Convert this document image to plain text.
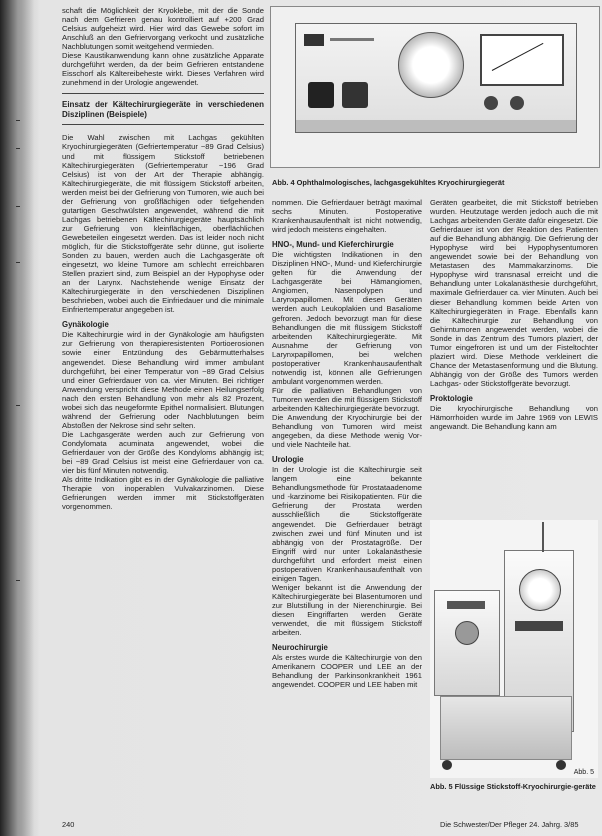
schaft die Möglichkeit der Kryoklebe, mit der die Sonde nach dem Gefrieren genau kontrolliert auf +200 Grad Celsius aufgeheizt wird. Hier wird das Gewebe sofort im Anschluß an den Gefriervorgang verkocht und zusätzliche Nachblutungen somit weitgehend vermieden.

Diese Kaustikanwendung kann ohne zusätzliche Apparate durchgeführt werden, da der beim Gefrieren entstandene Eisschorf als Kältereibeheste wirkt. Dieses Verfahren wird zunehmend in der Urologie angewendet.

Einsatz der Kältechirurgiegeräte in verschiedenen Disziplinen (Beispiele)

Die Wahl zwischen mit Lachgas gekühlten Kryochirurgiegeräten (Gefriertemperatur −89 Grad Celsius) und mit flüssigem Stickstoff betriebenen Kältechirurgiegeräten (Gefriertemperatur −196 Grad Celsius) ist von der Art der Therapie abhängig. Kältechirurgiegeräte, die mit flüssigem Stickstoff arbeiten, werden meist bei der Gefrierung von Tumoren, wie auch bei der Gefrierung von großflächigen oder tiefgehenden gutartigen Geschwülsten angewendet, während die mit Lachgas betriebenen Kältechirurgiegeräte hauptsächlich zur Gefrierung von kleinflächigen, oberflächlichen Gewebeteilen eingesetzt werden. Das ist leider noch nicht möglich, für die Stickstoffgeräte sehr dünne, gut isolierte Sonden zu bauen, werden auch die Lachgasgeräte oft eingesetzt, wo kleine Tumore am schlecht erreichbaren Stellen praziert sind, zum Beispiel an der Hypophyse oder an der Larynx. Nachstehende wenige Einsatz der Kältechirurgiegeräte in den verschiedenen Disziplinen beschrieben, wobei auch die Einfriedauer und die minimale Einfriertemperatur angegeben ist.

Gynäkologie

Die Kältechirurgie wird in der Gynäkologie am häufigsten zur Gefrierung von therapieresistenten Portioerosionen sowie einer Entzündung des Gebärmutterhalses angewendet. Diese Behandlung wird immer ambulant durchgeführt, bei einer Temperatur von −89 Grad Celsius und einer Gefrierdauer von ca. vier Minuten. Bei richtiger Anwendung verspricht diese Methode einen Heilungserfolg nach den ersten Behandlung von mehr als 82 Prozent, wobei sich das neugeformte Epithel normalisiert. Blutungen während der Gefrierung oder Nachblutungen beim Abstoßen der Nekrose sind sehr selten.

Die Lachgasgeräte werden auch zur Gefrierung von Condylomata acuminata angewendet, wobei die Gefrierdauer von der Größe des Kondyloms abhängig ist; bei −89 Grad Celsius ist meist eine Gefrierdauer von ca. vier bis fünf Minuten notwendig.

Als dritte Indikation gibt es in der Gynäkologie die palliative Therapie von inoperablen Vulvakarzinomen. Diese Gefrierungen werden immer mit Stickstoffgeräten vorgenommen.

Abb. 4 Ophthalmologisches, lachgasgekühltes Kryochirurgiegerät

nommen. Die Gefrierdauer beträgt maximal sechs Minuten. Postoperative Krankenhausaufenthalt ist nicht notwendig, wird jedoch meistens eingehalten.

HNO-, Mund- und Kieferchirurgie

Die wichtigsten Indikationen in den Disziplinen HNO-, Mund- und Kieferchirurgie gelten für die Anwendung der Lachgasgeräte bei Hämangiomen, Angiomen, Nasenpolypen und Larynxpapillomen. Mit diesen Geräten werden auch Leukoplakien und Basaliome gefroren. Jedoch bevorzugt man für diese Behandlungen die mit flüssigem Stickstoff arbeitenden Kältechirurgiegeräte. Mit Ausnahme der Gefrierung von Larynxpapillomen, bei welchen postoperativer Krankenhausaufenthalt notwendig ist, können alle Gefrierungen ambulant vorgenommen werden.

Für die palliativen Behandlungen von Tumoren werden die mit flüssigem Stickstoff arbeitenden Kältechirurgiegeräte bevorzugt.

Die Anwendung der Kryochirurgie bei der Behandlung von Tumoren wird meist angegeben, da diese Methode wenig Vor- und viele Nachteile hat.

Urologie

In der Urologie ist die Kältechirurgie seit langem eine bekannte Behandlungsmethode für Prostataadenome und -karzinome bei Risikopatienten. Für die Gefrierung der Prostata werden ausschließlich die Stickstoffgeräte angewendet. Die Gefrierdauer beträgt zwischen zwei und fünf Minuten und ist abhängig von der Prostatagröße. Der Eingriff wird nur unter Lokalanästhesie durchgeführt und erfordert meist einen postoperativen Krankenhausaufenthalt von einigen Tagen.

Weniger bekannt ist die Anwendung der Kältechirurgiegeräte bei Blasentumoren und zur Blutstillung in der Nierenchirurgie. Bei diesen Eingriffarten werden Geräte verwendet, die mit flüssigem Stickstoff arbeiten.

Neurochirurgie

Als erstes wurde die Kältechirurgie von den Amerikanern COOPER und LEE an der Behandlung der Parkinsonkrankheit 1961 angewendet. COOPER und LEE haben mit

Geräten gearbeitet, die mit Stickstoff betrieben wurden. Heutzutage werden jedoch auch die mit Lachgas arbeitenden Geräte dafür eingesetzt. Die Gefrierdauer ist von der Reaktion des Patienten auf die Behandlung abhängig. Die Gefrierung der Hypophyse wird bei Hypophysentumoren angewendet sowie bei der Behandlung von Metastasen des Mammakarzinoms. Die Hypophyse wird transnasal erreicht und die Behandlung unter Lokalanästhesie durchgeführt, maximale Gefrierdauer ca. vier Minuten. Auch bei dieser Behandlung kommen beide Arten von Kältechirurgiegeräten in Frage. Ebenfalls kann die Kältechirurgie zur Behandlung von Gehirntumoren angewendet werden, wobei die Sonde in das Zentrum des Tumors plaziert, der Tumor eingefroren ist und um der Fisteltochter plaziert wird. Diese Methode verkleinert die Chance der Metastasenformung und die Blutung. Abhängig von der Größe des Tumors werden Lachgas- oder Stickstoffgeräte bevorzugt.

Proktologie

Die kryochirurgische Behandlung von Hämorrhoiden wurde im Jahre 1969 von LEWIS angewandt. Die Behandlung kann am

Abb. 5
Abb. 5 Flüssige Stickstoff-Kryochirurgie-geräte
240	Die Schwester/Der Pfleger 24. Jahrg. 3/85
